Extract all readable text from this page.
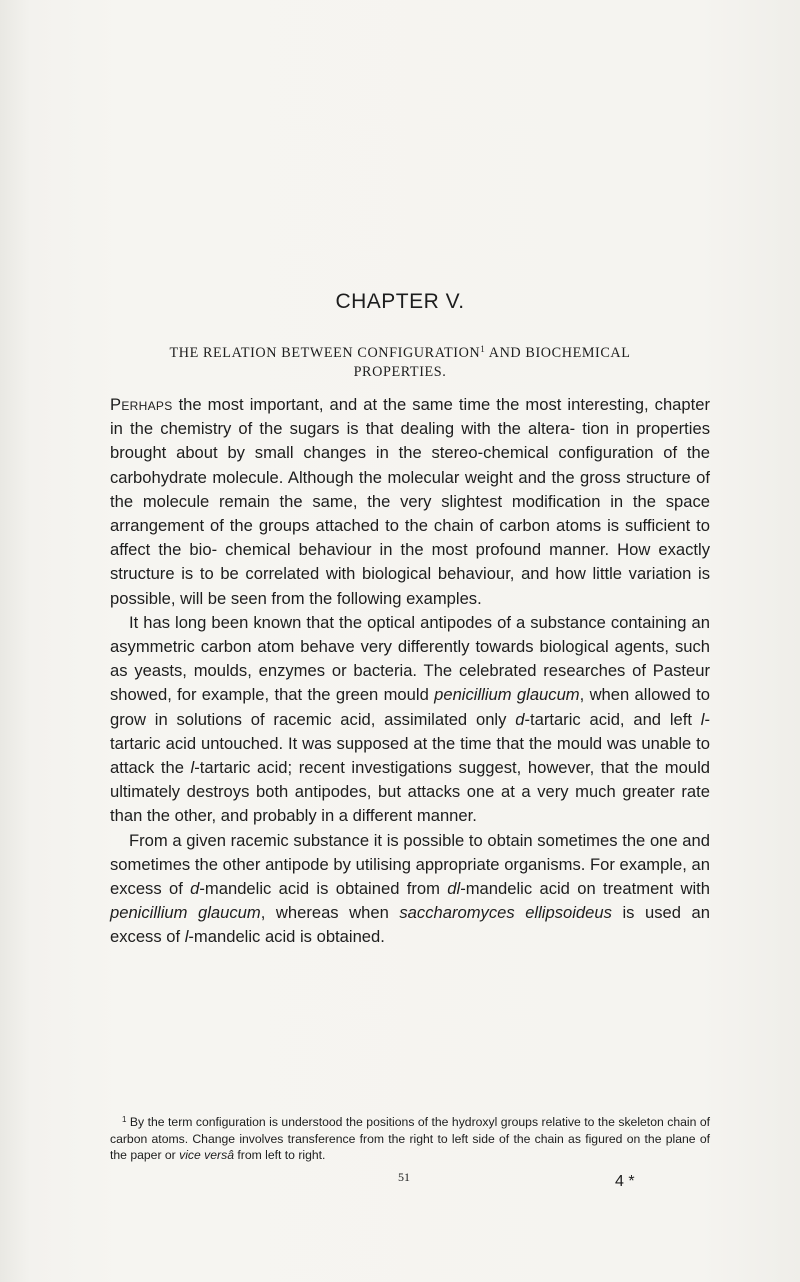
CHAPTER V.
THE RELATION BETWEEN CONFIGURATION$^1$ AND BIOCHEMICAL
PROPERTIES.

Perhaps the most important, and at the same time the most interesting, chapter in the chemistry of the sugars is that dealing with the altera- tion in properties brought about by small changes in the stereo-chemical configuration of the carbohydrate molecule. Although the molecular weight and the gross structure of the molecule remain the same, the very slightest modification in the space arrangement of the groups attached to the chain of carbon atoms is sufficient to affect the bio- chemical behaviour in the most profound manner. How exactly structure is to be correlated with biological behaviour, and how little variation is possible, will be seen from the following examples.

It has long been known that the optical antipodes of a substance containing an asymmetric carbon atom behave very differently towards biological agents, such as yeasts, moulds, enzymes or bacteria. The celebrated researches of Pasteur showed, for example, that the green mould penicillium glaucum, when allowed to grow in solutions of racemic acid, assimilated only d-tartaric acid, and left l-tartaric acid untouched. It was supposed at the time that the mould was unable to attack the l-tartaric acid; recent investigations suggest, however, that the mould ultimately destroys both antipodes, but attacks one at a very much greater rate than the other, and probably in a different manner.

From a given racemic substance it is possible to obtain sometimes the one and sometimes the other antipode by utilising appropriate organisms. For example, an excess of d-mandelic acid is obtained from dl-mandelic acid on treatment with penicillium glaucum, whereas when saccharomyces ellipsoideus is used an excess of l-mandelic acid is obtained.

$^1$ By the term configuration is understood the positions of the hydroxyl groups relative to the skeleton chain of carbon atoms. Change involves transference from the right to left side of the chain as figured on the plane of the paper or vice versâ from left to right.
51	4 *
